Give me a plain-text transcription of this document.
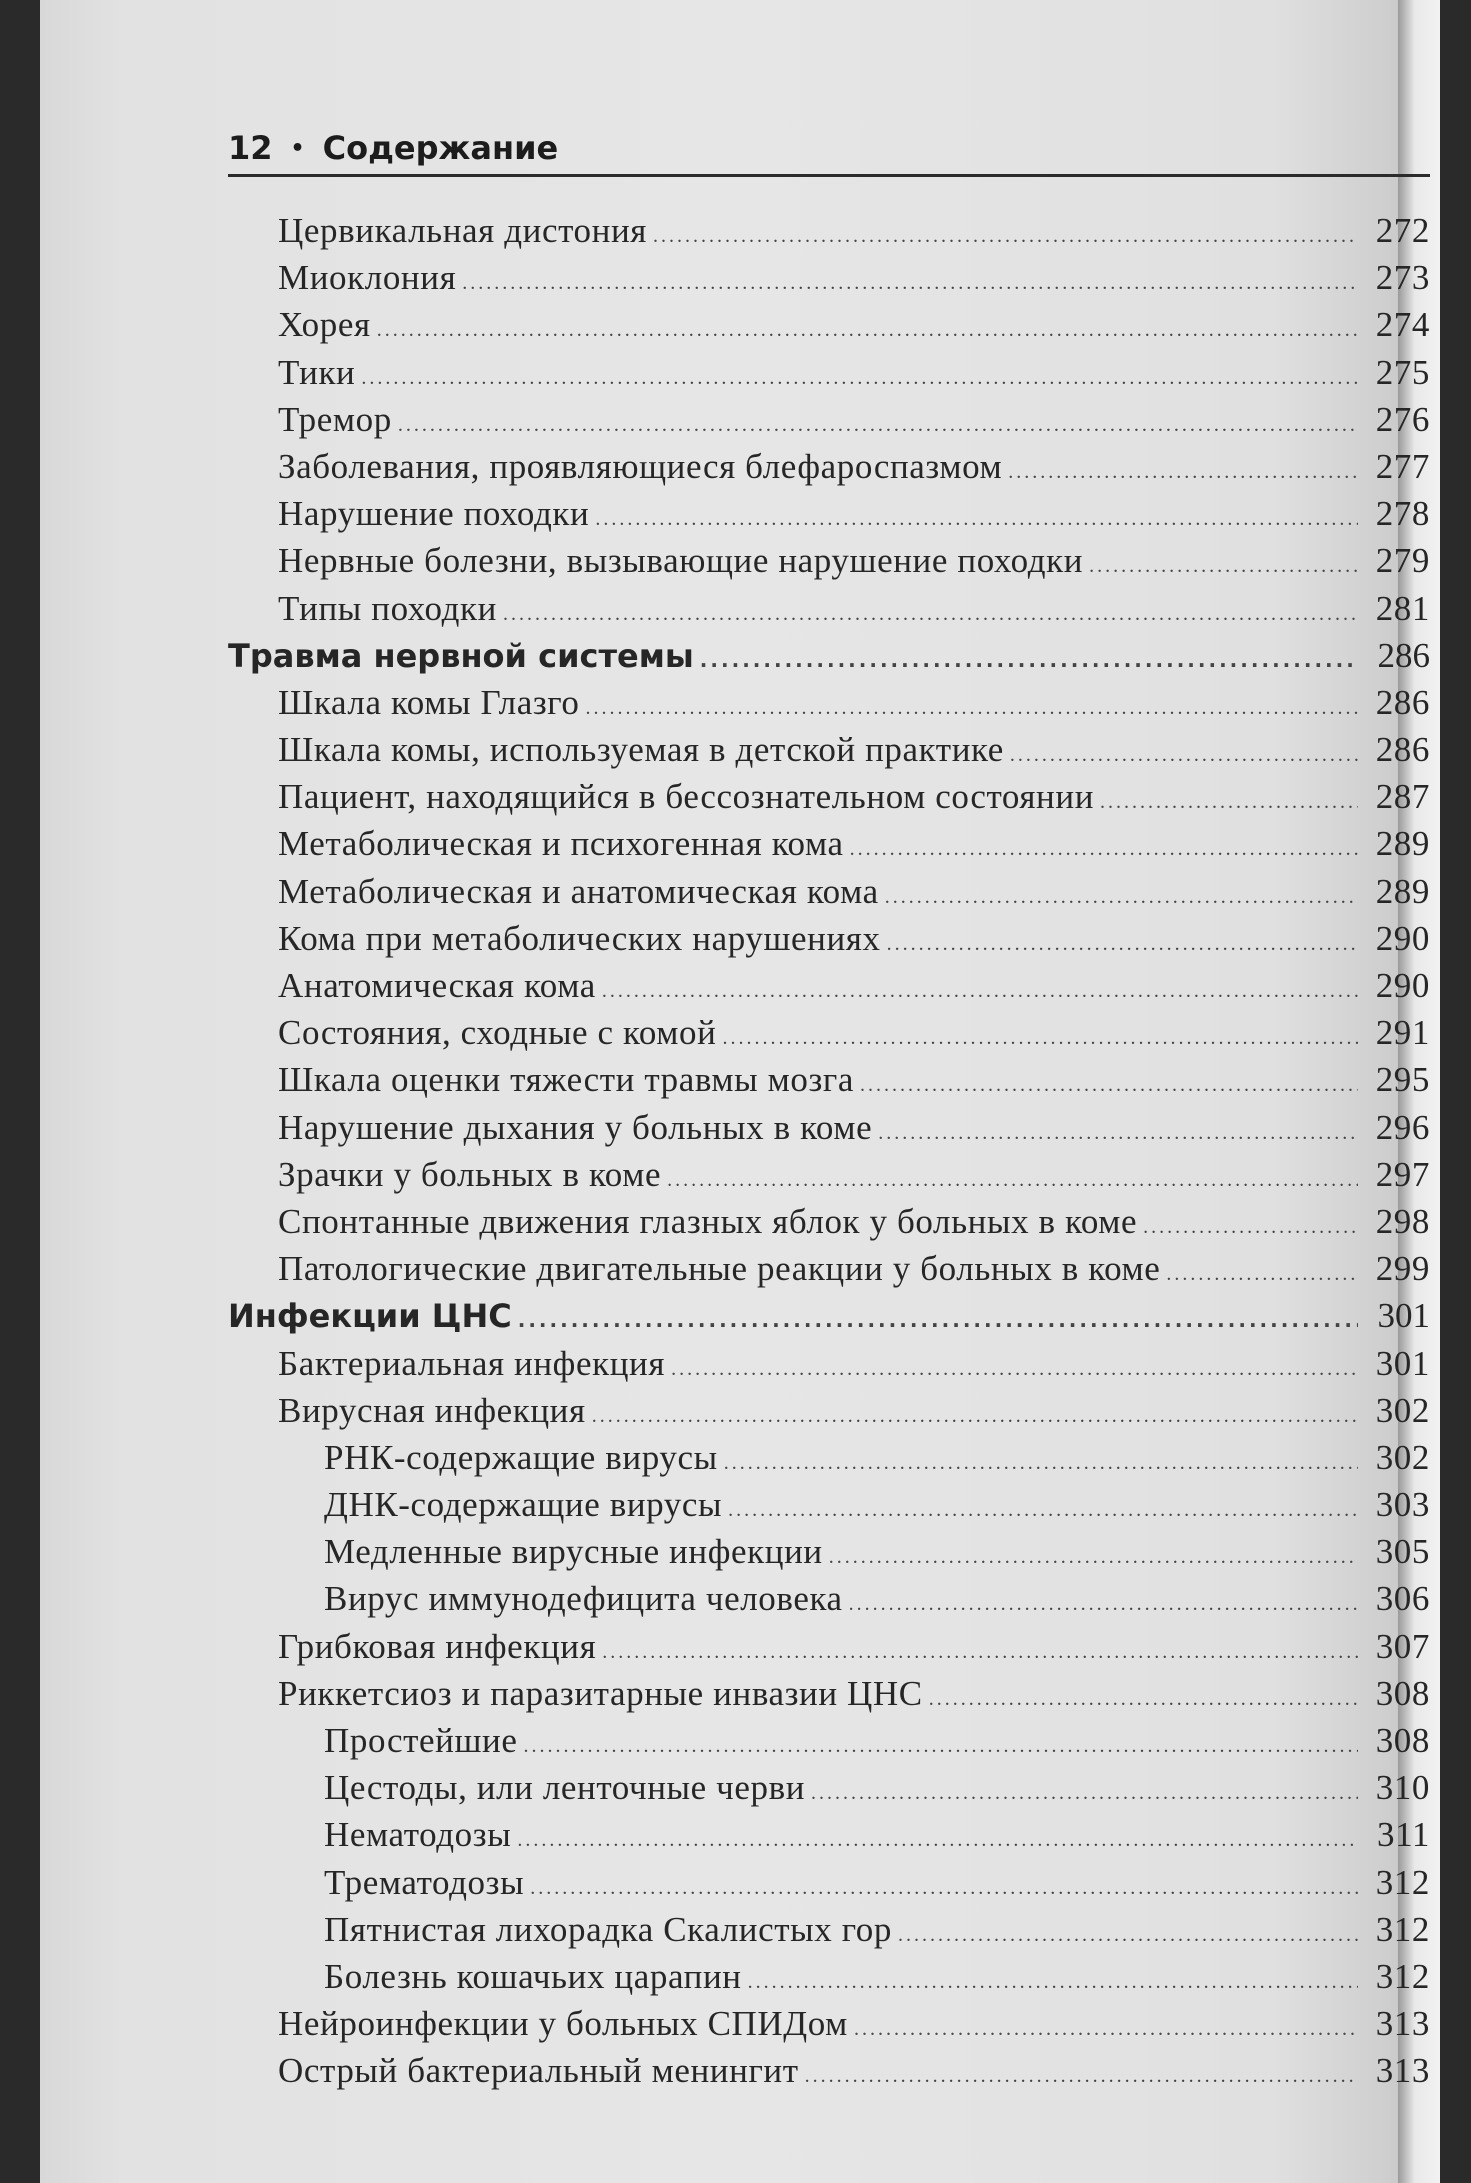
12 • Содержание
Цервикальная дистония .....	272
Миоклония .....	273
Хорея .....	274
Тики .....	275
Тремор .....	276
Заболевания, проявляющиеся блефароспазмом .....	277
Нарушение походки .....	278
Нервные болезни, вызывающие нарушение походки .....	279
Типы походки .....	281
Травма нервной системы .....	286
Шкала комы Глазго .....	286
Шкала комы, используемая в детской практике .....	286
Пациент, находящийся в бессознательном состоянии .....	287
Метаболическая и психогенная кома .....	289
Метаболическая и анатомическая кома .....	289
Кома при метаболических нарушениях .....	290
Анатомическая кома .....	290
Состояния, сходные с комой .....	291
Шкала оценки тяжести травмы мозга .....	295
Нарушение дыхания у больных в коме .....	296
Зрачки у больных в коме .....	297
Спонтанные движения глазных яблок у больных в коме .....	298
Патологические двигательные реакции у больных в коме .....	299
Инфекции ЦНС .....	301
Бактериальная инфекция .....	301
Вирусная инфекция .....	302
РНК-содержащие вирусы .....	302
ДНК-содержащие вирусы .....	303
Медленные вирусные инфекции .....	305
Вирус иммунодефицита человека .....	306
Грибковая инфекция .....	307
Риккетсиоз и паразитарные инвазии ЦНС .....	308
Простейшие .....	308
Цестоды, или ленточные черви .....	310
Нематодозы .....	311
Трематодозы .....	312
Пятнистая лихорадка Скалистых гор .....	312
Болезнь кошачьих царапин .....	312
Нейроинфекции у больных СПИДом .....	313
Острый бактериальный менингит .....	313
